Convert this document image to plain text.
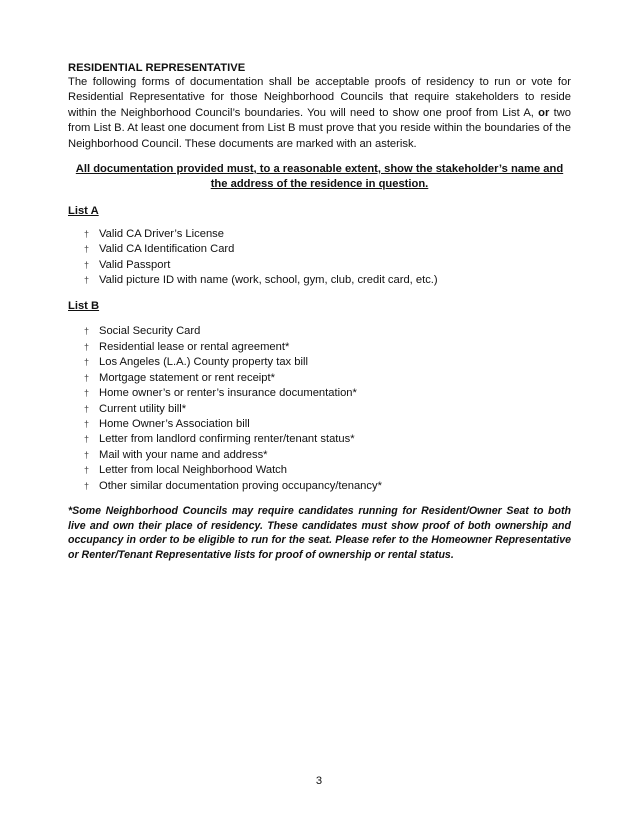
RESIDENTIAL REPRESENTATIVE

The following forms of documentation shall be acceptable proofs of residency to run or vote for Residential Representative for those Neighborhood Councils that require stakeholders to reside within the Neighborhood Council’s boundaries. You will need to show one proof from List A, or two from List B. At least one document from List B must prove that you reside within the boundaries of the Neighborhood Council. These documents are marked with an asterisk.

All documentation provided must, to a reasonable extent, show the stakeholder’s name and the address of the residence in question.

List A

† Valid CA Driver’s License
† Valid CA Identification Card
† Valid Passport
† Valid picture ID with name (work, school, gym, club, credit card, etc.)

List B

† Social Security Card
† Residential lease or rental agreement*
† Los Angeles (L.A.) County property tax bill
† Mortgage statement or rent receipt*
† Home owner’s or renter’s insurance documentation*
† Current utility bill*
† Home Owner’s Association bill
† Letter from landlord confirming renter/tenant status*
† Mail with your name and address*
† Letter from local Neighborhood Watch
† Other similar documentation proving occupancy/tenancy*

*Some Neighborhood Councils may require candidates running for Resident/Owner Seat to both live and own their place of residency. These candidates must show proof of both ownership and occupancy in order to be eligible to run for the seat. Please refer to the Homeowner Representative or Renter/Tenant Representative lists for proof of ownership or rental status.

3
